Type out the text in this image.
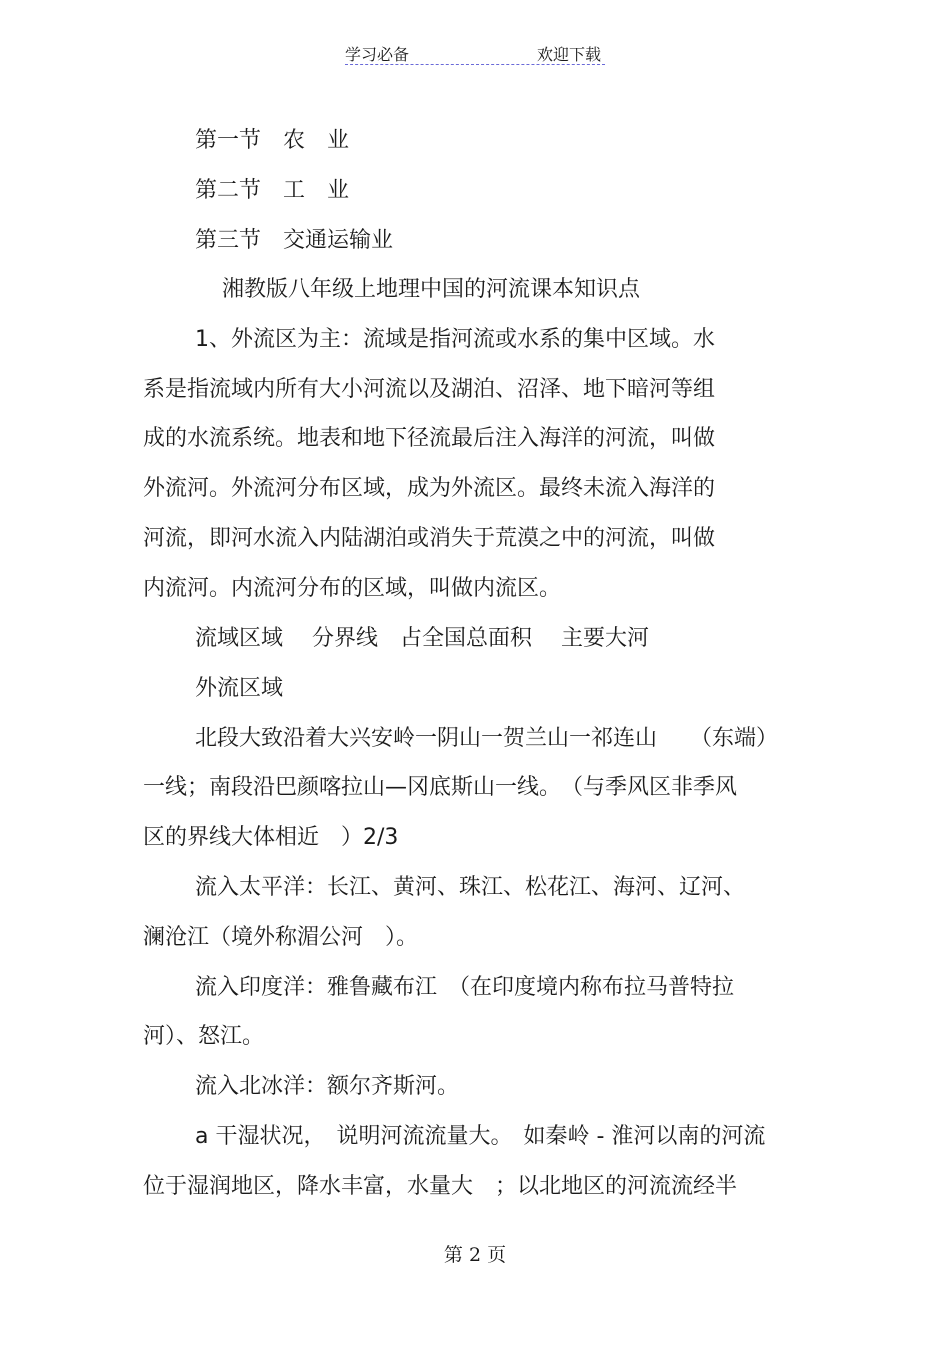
学习必备	欢迎下载
第一节　农　业
第二节　工　业
第三节　交通运输业
湘教版八年级上地理中国的河流课本知识点
1、外流区为主：流域是指河流或水系的集中区域。水
系是指流域内所有大小河流以及湖泊、沼泽、地下暗河等组
成的水流系统。地表和地下径流最后注入海洋的河流，叫做
外流河。外流河分布区域，成为外流区。最终未流入海洋的
河流，即河水流入内陆湖泊或消失于荒漠之中的河流，叫做
内流河。内流河分布的区域，叫做内流区。
流域区域　 分界线　占全国总面积　 主要大河
外流区域
北段大致沿着大兴安岭一阴山一贺兰山一祁连山　　（东端）
一线；南段沿巴颜喀拉山—冈底斯山一线。　（与季风区非季风
区的界线大体相近　）2/3
流入太平洋：长江、黄河、珠江、松花江、海河、辽河、
澜沧江（境外称湄公河　）。
流入印度洋：雅鲁藏布江　（在印度境内称布拉马普特拉
河）、怒江。
流入北冰洋：额尔齐斯河。
a 干湿状况，　说明河流流量大。　如秦岭 - 淮河以南的河流
位于湿润地区，降水丰富，水量大　；以北地区的河流流经半
第 2 页
